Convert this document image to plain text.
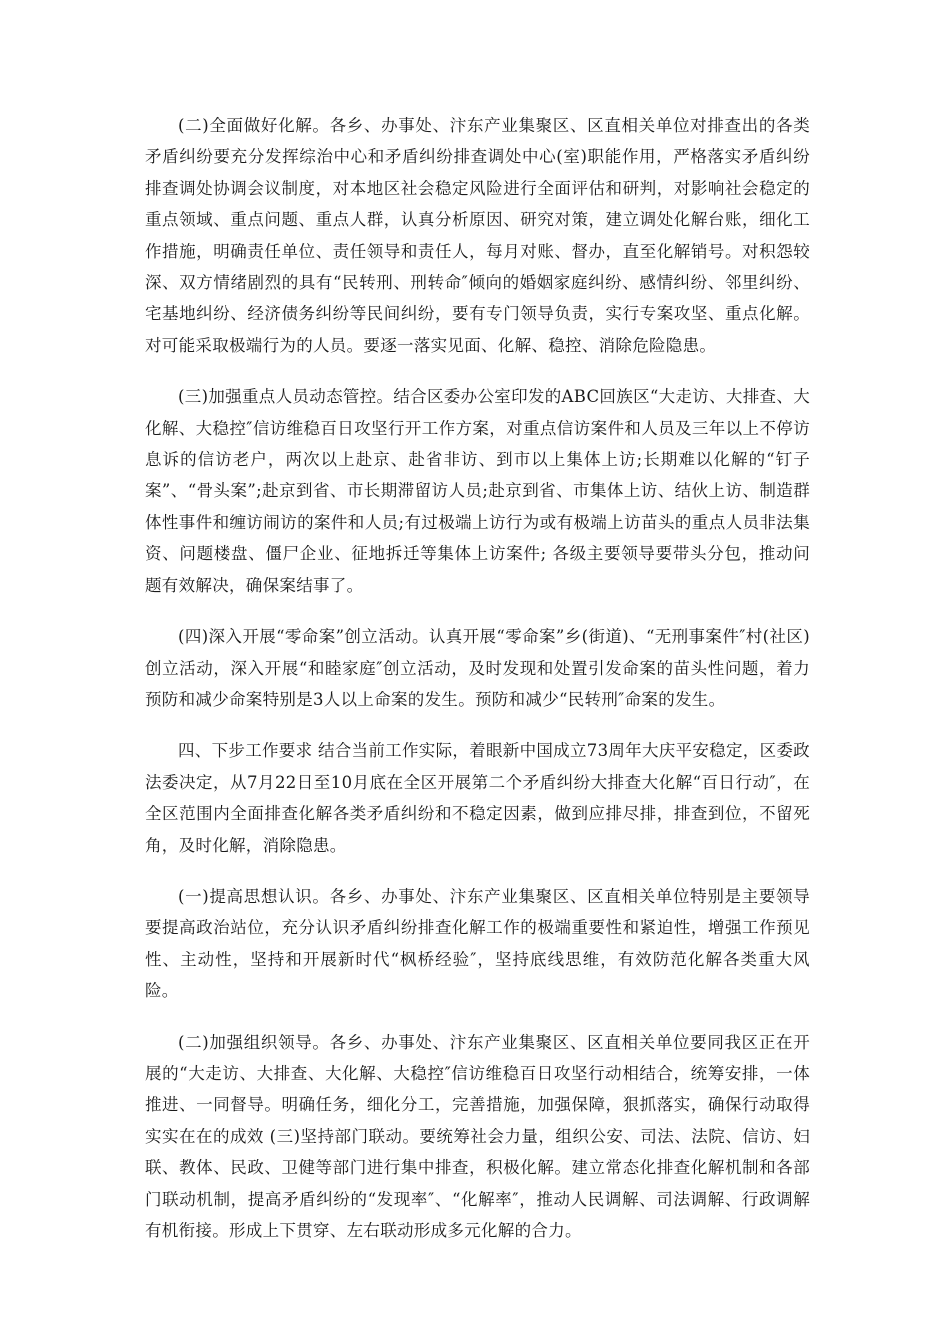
(二)全面做好化解。各乡、办事处、汴东产业集聚区、区直相关单位对排查出的各类矛盾纠纷要充分发挥综治中心和矛盾纠纷排查调处中心(室)职能作用，严格落实矛盾纠纷排查调处协调会议制度，对本地区社会稳定风险进行全面评估和研判，对影响社会稳定的重点领域、重点问题、重点人群，认真分析原因、研究对策，建立调处化解台账，细化工作措施，明确责任单位、责任领导和责任人，每月对账、督办，直至化解销号。对积怨较深、双方情绪剧烈的具有“民转刑、刑转命″倾向的婚姻家庭纠纷、感情纠纷、邻里纠纷、宅基地纠纷、经济债务纠纷等民间纠纷，要有专门领导负责，实行专案攻坚、重点化解。对可能采取极端行为的人员。要逐一落实见面、化解、稳控、消除危险隐患。

(三)加强重点人员动态管控。结合区委办公室印发的ABC回族区“大走访、大排查、大化解、大稳控″信访维稳百日攻坚行开工作方案，对重点信访案件和人员及三年以上不停访息诉的信访老户，两次以上赴京、赴省非访、到市以上集体上访;长期难以化解的“钉子案”、“骨头案”;赴京到省、市长期滞留访人员;赴京到省、市集体上访、结伙上访、制造群体性事件和缠访闹访的案件和人员;有过极端上访行为或有极端上访苗头的重点人员非法集资、问题楼盘、僵尸企业、征地拆迁等集体上访案件; 各级主要领导要带头分包，推动问题有效解决，确保案结事了。

(四)深入开展“零命案”创立活动。认真开展“零命案”乡(街道)、“无刑事案件″村(社区)创立活动，深入开展“和睦家庭″创立活动，及时发现和处置引发命案的苗头性问题，着力预防和减少命案特别是3人以上命案的发生。预防和减少“民转刑″命案的发生。

四、下步工作要求 结合当前工作实际，着眼新中国成立73周年大庆平安稳定，区委政法委决定，从7月22日至10月底在全区开展第二个矛盾纠纷大排查大化解“百日行动″，在全区范围内全面排查化解各类矛盾纠纷和不稳定因素，做到应排尽排，排查到位，不留死角，及时化解，消除隐患。

(一)提高思想认识。各乡、办事处、汴东产业集聚区、区直相关单位特别是主要领导要提高政治站位，充分认识矛盾纠纷排查化解工作的极端重要性和紧迫性，增强工作预见性、主动性，坚持和开展新时代“枫桥经验″，坚持底线思维，有效防范化解各类重大风险。

(二)加强组织领导。各乡、办事处、汴东产业集聚区、区直相关单位要同我区正在开展的“大走访、大排查、大化解、大稳控″信访维稳百日攻坚行动相结合，统筹安排，一体推进、一同督导。明确任务，细化分工，完善措施，加强保障，狠抓落实，确保行动取得实实在在的成效 (三)坚持部门联动。要统筹社会力量，组织公安、司法、法院、信访、妇联、教体、民政、卫健等部门进行集中排查，积极化解。建立常态化排查化解机制和各部门联动机制，提高矛盾纠纷的“发现率″、“化解率″，推动人民调解、司法调解、行政调解有机衔接。形成上下贯穿、左右联动形成多元化解的合力。
